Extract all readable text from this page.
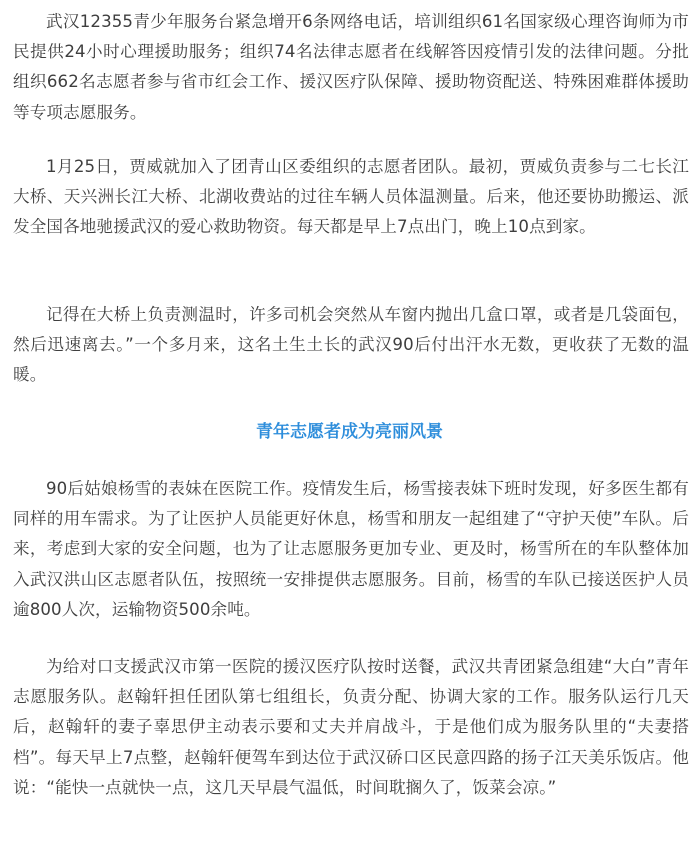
武汉12355青少年服务台紧急增开6条网络电话，培训组织61名国家级心理咨询师为市民提供24小时心理援助服务；组织74名法律志愿者在线解答因疫情引发的法律问题。分批组织662名志愿者参与省市红会工作、援汉医疗队保障、援助物资配送、特殊困难群体援助等专项志愿服务。

1月25日，贾威就加入了团青山区委组织的志愿者团队。最初，贾威负责参与二七长江大桥、天兴洲长江大桥、北湖收费站的过往车辆人员体温测量。后来，他还要协助搬运、派发全国各地驰援武汉的爱心救助物资。每天都是早上7点出门，晚上10点到家。

记得在大桥上负责测温时，许多司机会突然从车窗内抛出几盒口罩，或者是几袋面包，然后迅速离去。”一个多月来，这名土生土长的武汉90后付出汗水无数，更收获了无数的温暖。

青年志愿者成为亮丽风景

90后姑娘杨雪的表妹在医院工作。疫情发生后，杨雪接表妹下班时发现，好多医生都有同样的用车需求。为了让医护人员能更好休息，杨雪和朋友一起组建了“守护天使”车队。后来，考虑到大家的安全问题，也为了让志愿服务更加专业、更及时，杨雪所在的车队整体加入武汉洪山区志愿者队伍，按照统一安排提供志愿服务。目前，杨雪的车队已接送医护人员逾800人次，运输物资500余吨。

为给对口支援武汉市第一医院的援汉医疗队按时送餐，武汉共青团紧急组建“大白”青年志愿服务队。赵翰轩担任团队第七组组长，负责分配、协调大家的工作。服务队运行几天后，赵翰轩的妻子辜思伊主动表示要和丈夫并肩战斗，于是他们成为服务队里的“夫妻搭档”。每天早上7点整，赵翰轩便驾车到达位于武汉硚口区民意四路的扬子江天美乐饭店。他说：“能快一点就快一点，这几天早晨气温低，时间耽搁久了，饭菜会凉。”
